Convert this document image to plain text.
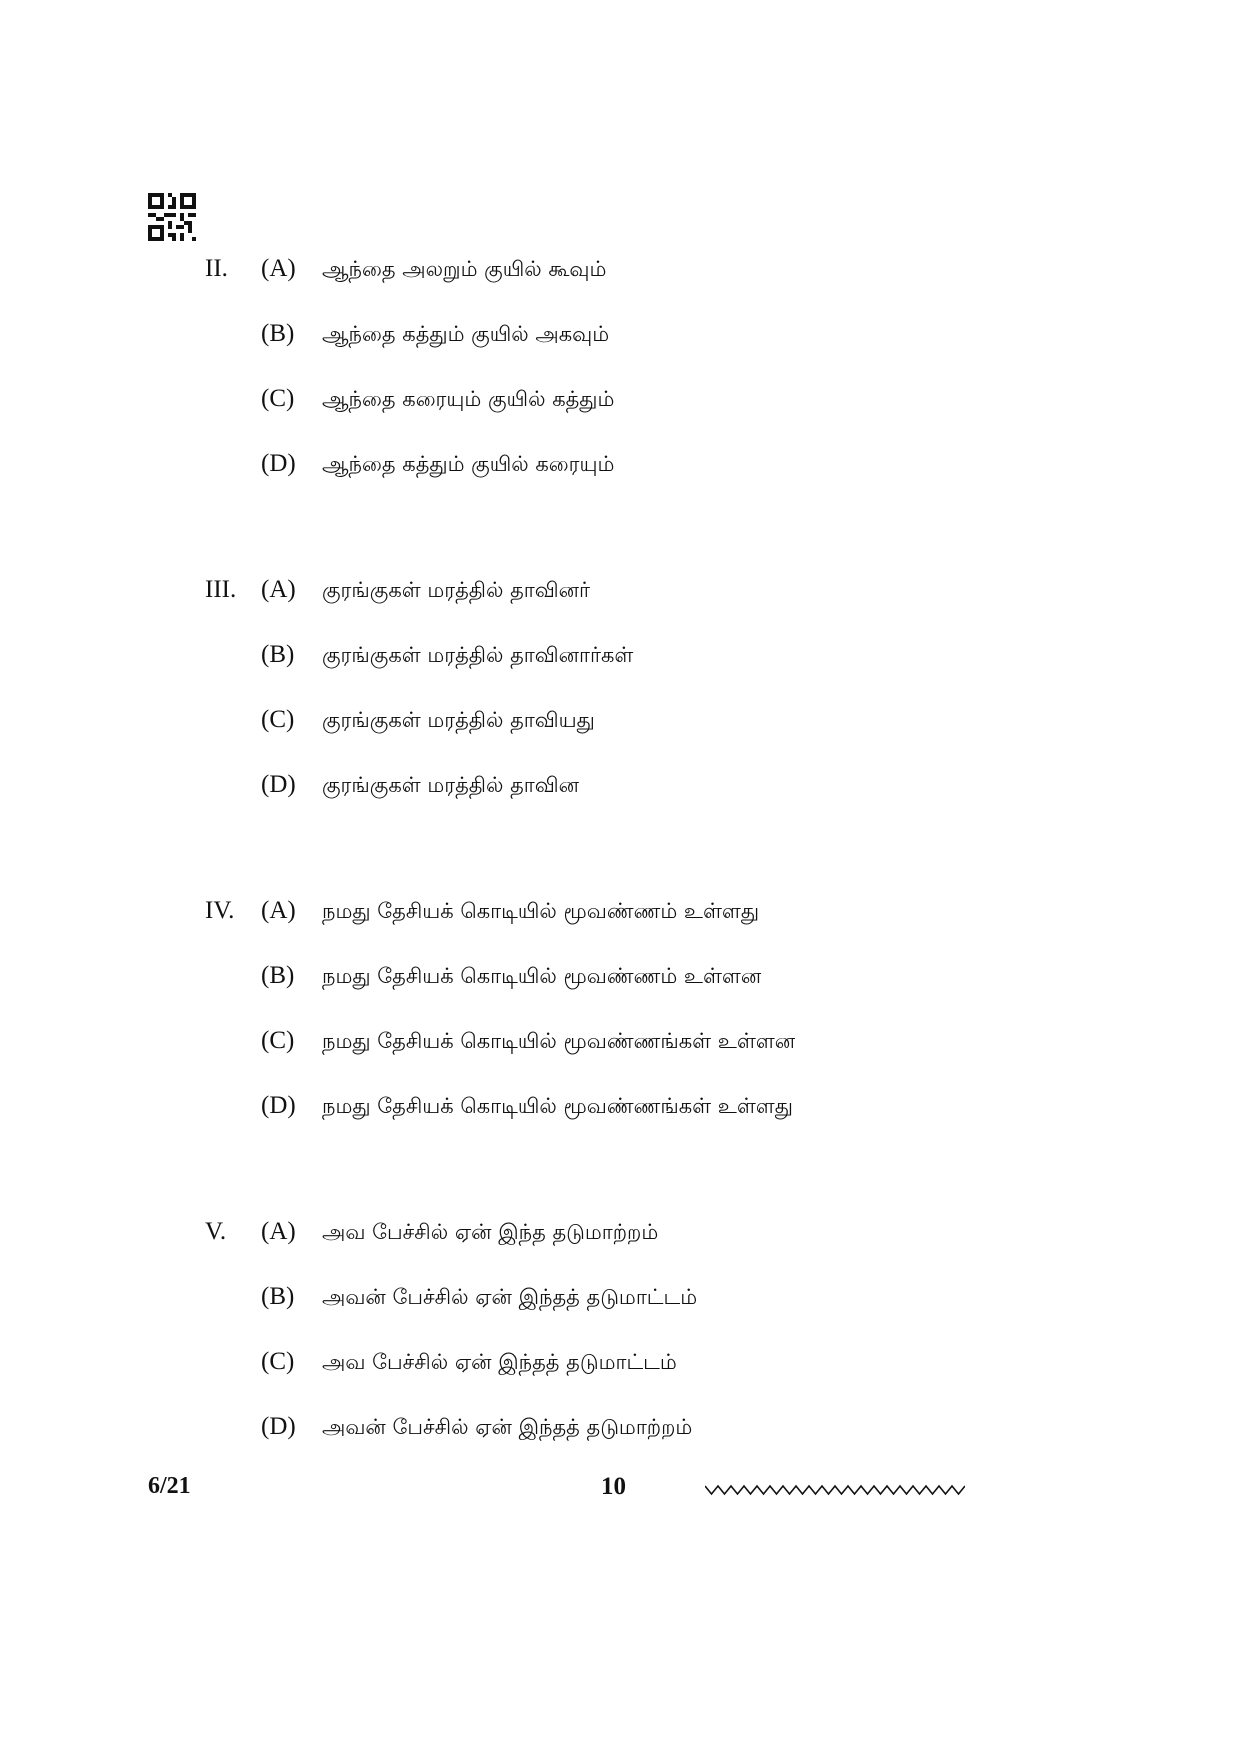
II. (A) ஆந்தை அலறும் குயில் கூவும்
(B) ஆந்தை கத்தும் குயில் அகவும்
(C) ஆந்தை கரையும் குயில் கத்தும்
(D) ஆந்தை கத்தும் குயில் கரையும்
III. (A) குரங்குகள் மரத்தில் தாவினர்
(B) குரங்குகள் மரத்தில் தாவினார்கள்
(C) குரங்குகள் மரத்தில் தாவியது
(D) குரங்குகள் மரத்தில் தாவின
IV. (A) நமது தேசியக் கொடியில் மூவண்ணம் உள்ளது
(B) நமது தேசியக் கொடியில் மூவண்ணம் உள்ளன
(C) நமது தேசியக் கொடியில் மூவண்ணங்கள் உள்ளன
(D) நமது தேசியக் கொடியில் மூவண்ணங்கள் உள்ளது
V. (A) அவ பேச்சில் ஏன் இந்த தடுமாற்றம்
(B) அவன் பேச்சில் ஏன் இந்தத் தடுமாட்டம்
(C) அவ பேச்சில் ஏன் இந்தத் தடுமாட்டம்
(D) அவன் பேச்சில் ஏன் இந்தத் தடுமாற்றம்
6/21	10
